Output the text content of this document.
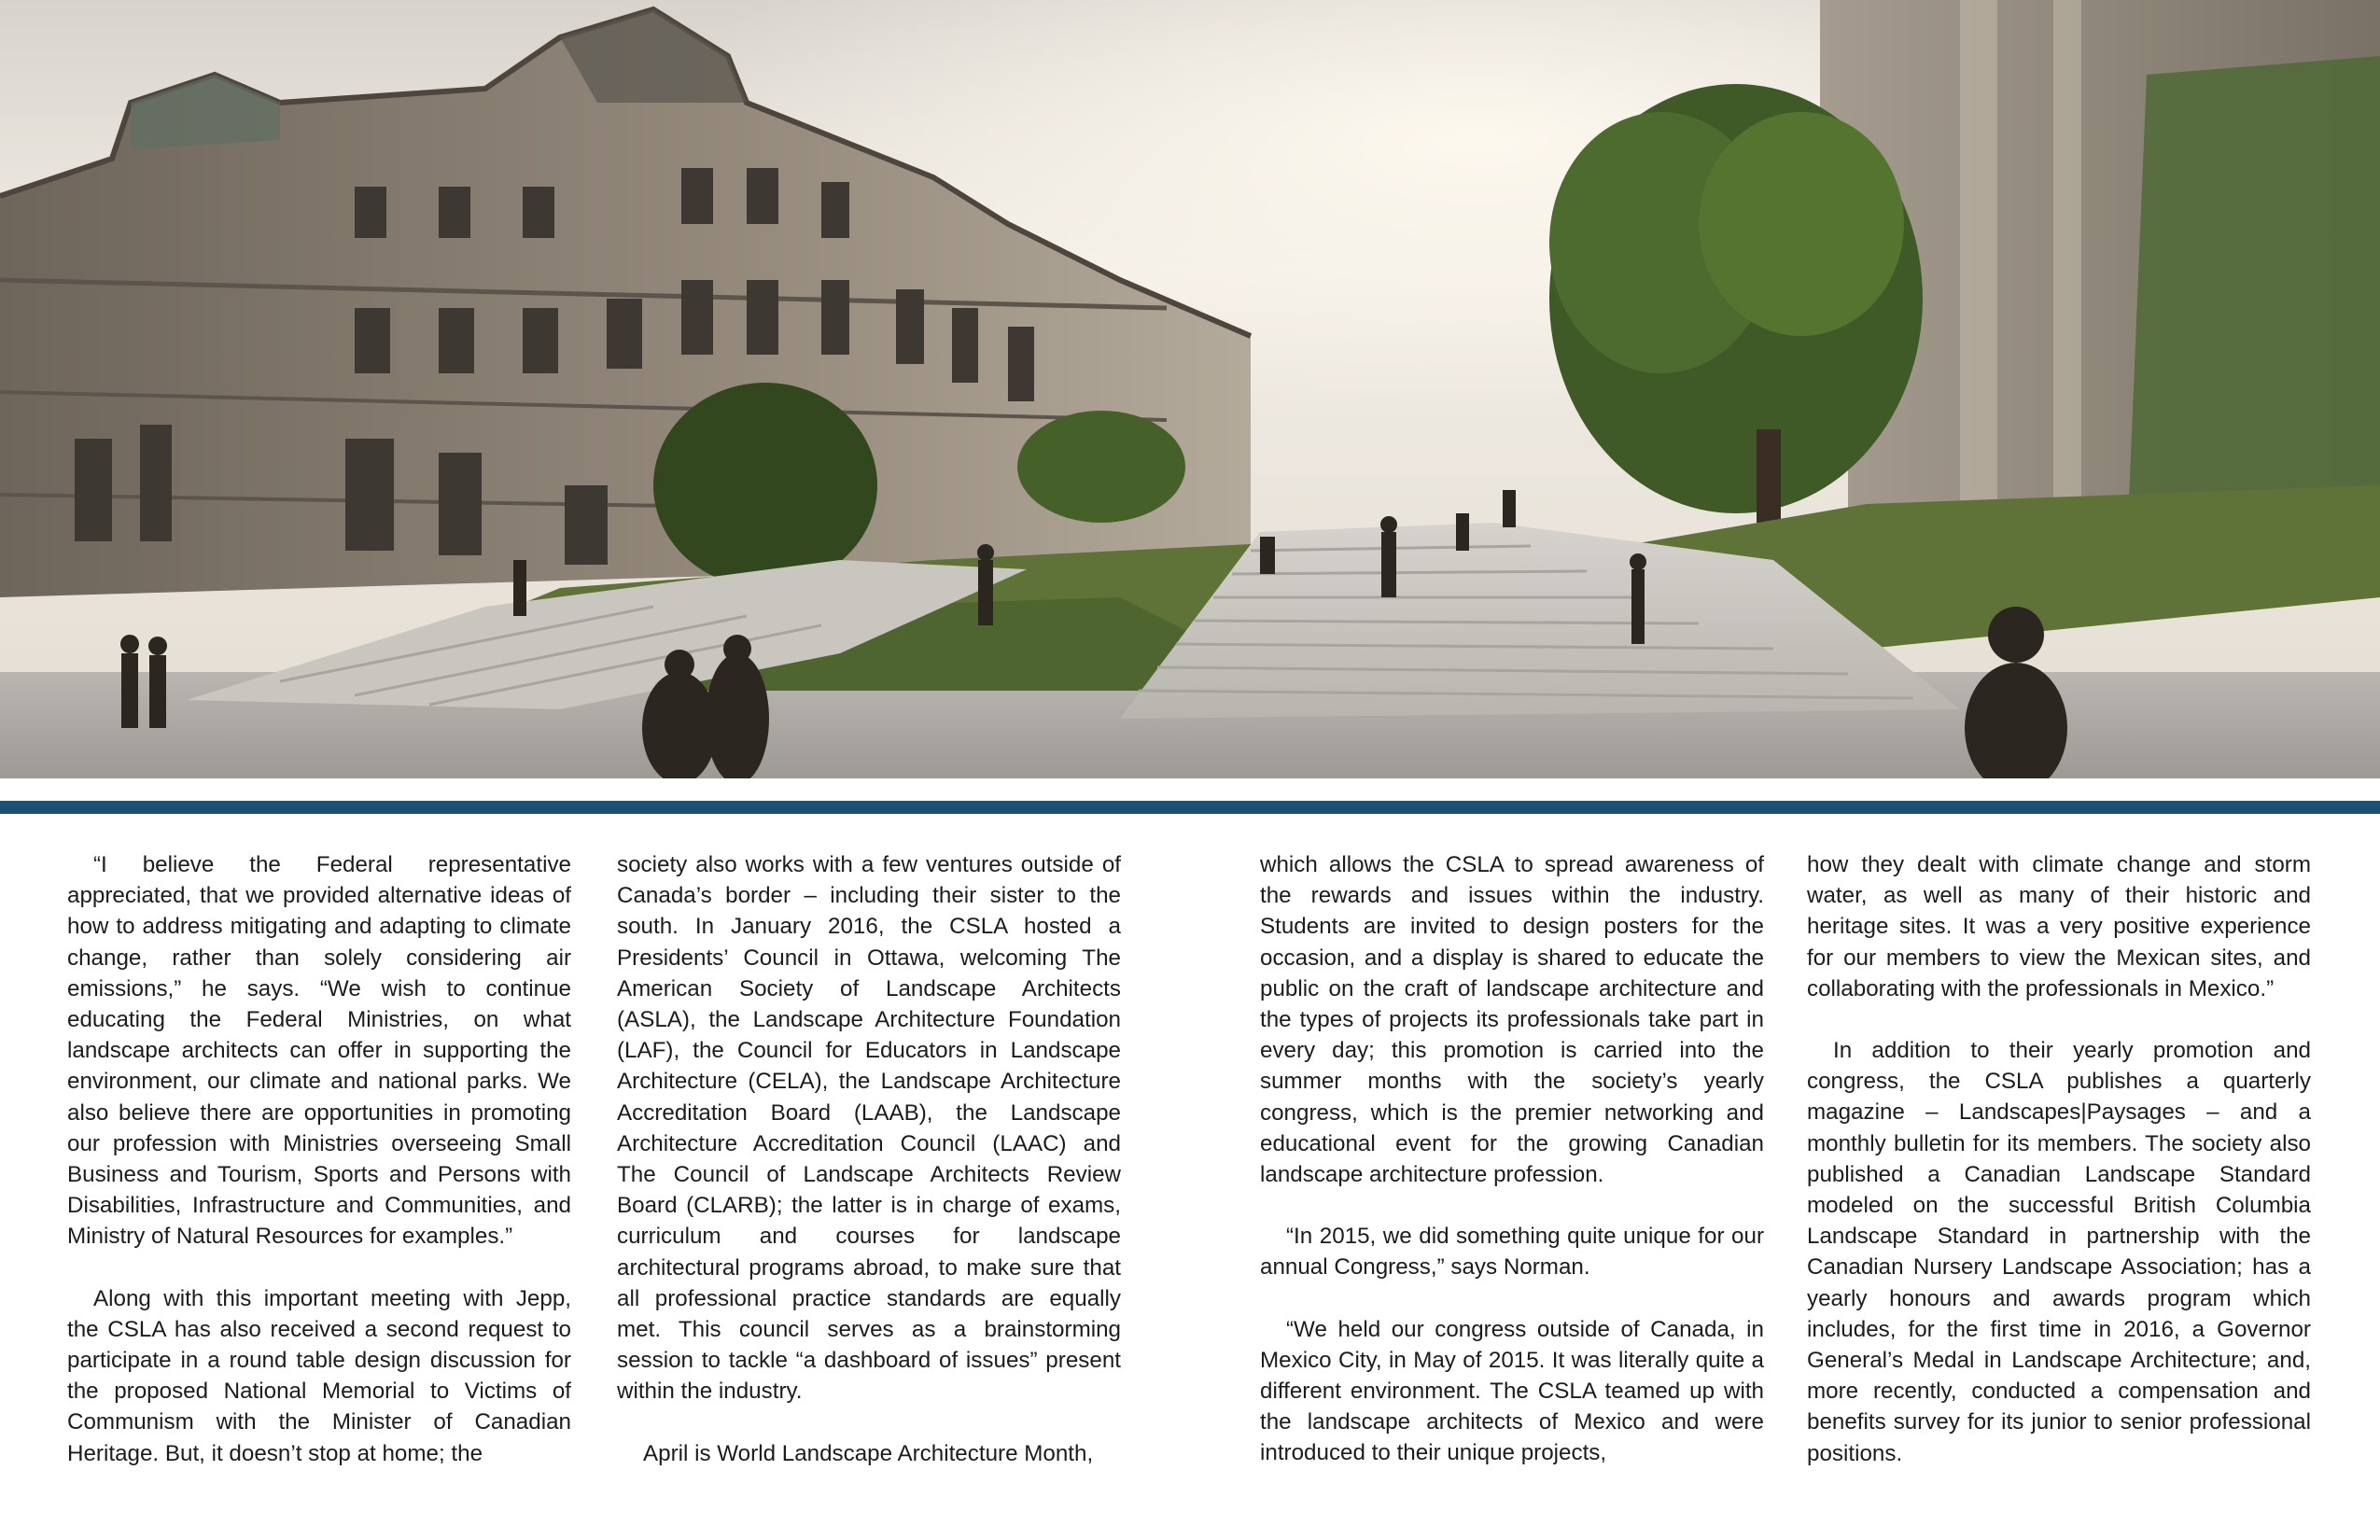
“I believe the Federal representative appreciated, that we provided alternative ideas of how to address mitigating and adapting to climate change, rather than solely considering air emissions,” he says. “We wish to continue educating the Federal Ministries, on what landscape architects can offer in supporting the environment, our climate and national parks. We also believe there are opportunities in promoting our profession with Ministries overseeing Small Business and Tourism, Sports and Persons with Disabilities, Infrastructure and Communities, and Ministry of Natural Resources for examples.”

Along with this important meeting with Jepp, the CSLA has also received a second request to participate in a round table design discussion for the proposed National Memorial to Victims of Communism with the Minister of Canadian Heritage. But, it doesn’t stop at home; the

society also works with a few ventures outside of Canada’s border – including their sister to the south. In January 2016, the CSLA hosted a Presidents’ Council in Ottawa, welcoming The American Society of Landscape Architects (ASLA), the Landscape Architecture Foundation (LAF), the Council for Educators in Landscape Architecture (CELA), the Landscape Architecture Accreditation Board (LAAB), the Landscape Architecture Accreditation Council (LAAC) and The Council of Landscape Architects Review Board (CLARB); the latter is in charge of exams, curriculum and courses for landscape architectural programs abroad, to make sure that all professional practice standards are equally met. This council serves as a brainstorming session to tackle “a dashboard of issues” present within the industry.

April is World Landscape Architecture Month,

which allows the CSLA to spread awareness of the rewards and issues within the industry. Students are invited to design posters for the occasion, and a display is shared to educate the public on the craft of landscape architecture and the types of projects its professionals take part in every day; this promotion is carried into the summer months with the society’s yearly congress, which is the premier networking and educational event for the growing Canadian landscape architecture profession.

“In 2015, we did something quite unique for our annual Congress,” says Norman.

“We held our congress outside of Canada, in Mexico City, in May of 2015. It was literally quite a different environment. The CSLA teamed up with the landscape architects of Mexico and were introduced to their unique projects,

how they dealt with climate change and storm water, as well as many of their historic and heritage sites. It was a very positive experience for our members to view the Mexican sites, and collaborating with the professionals in Mexico.”

In addition to their yearly promotion and congress, the CSLA publishes a quarterly magazine – Landscapes|Paysages – and a monthly bulletin for its members. The society also published a Canadian Landscape Standard modeled on the successful British Columbia Landscape Standard in partnership with the Canadian Nursery Landscape Association; has a yearly honours and awards program which includes, for the first time in 2016, a Governor General’s Medal in Landscape Architecture; and, more recently, conducted a compensation and benefits survey for its junior to senior professional positions.
